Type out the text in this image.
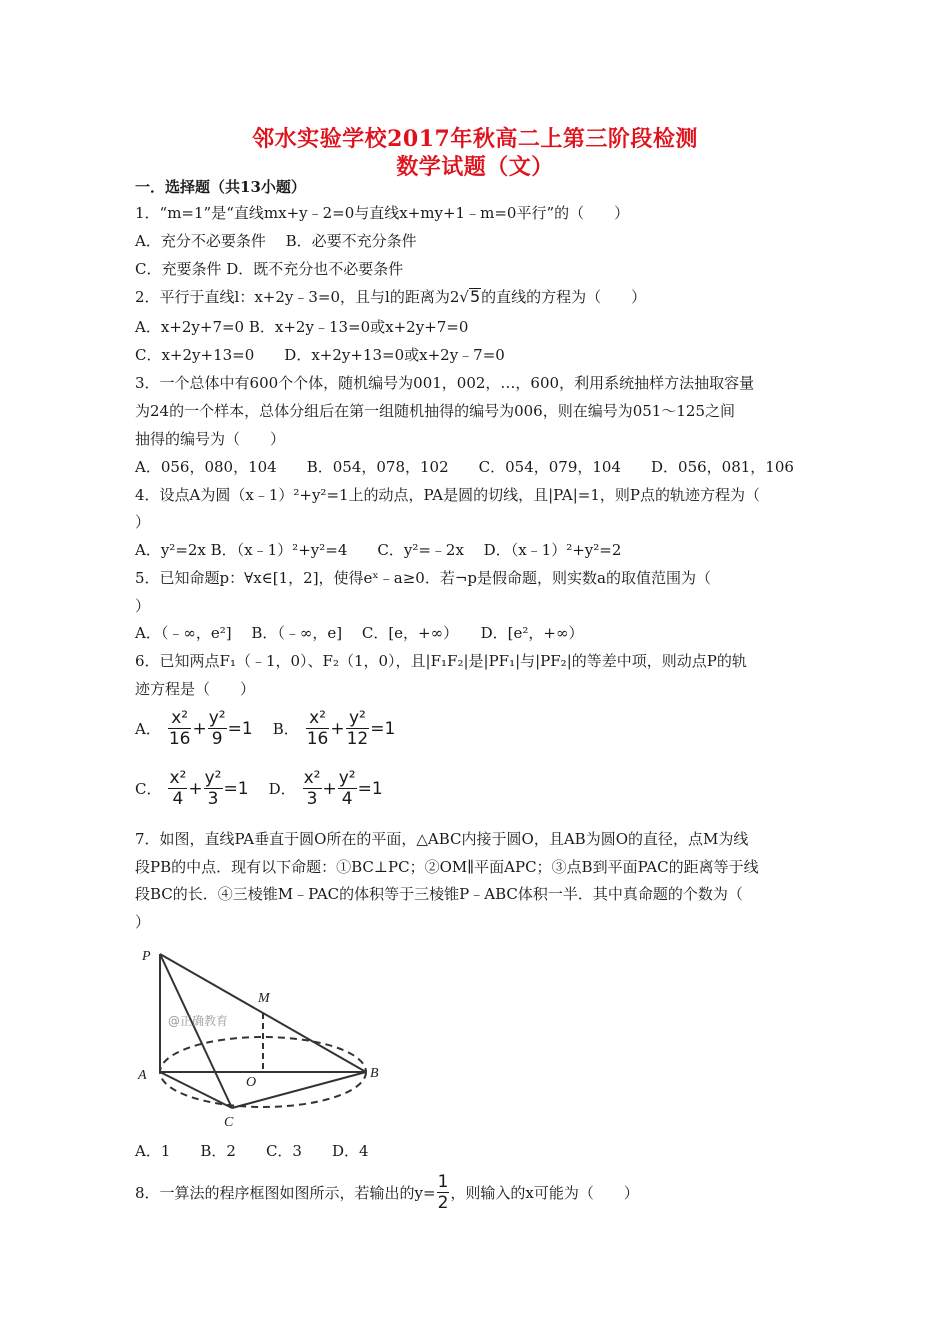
邻水实验学校2017年秋高二上第三阶段检测
数学试题（文）
一．选择题（共13小题）
1．“m=1”是“直线mx+y﹣2=0与直线x+my+1﹣m=0平行”的（　　）
A．充分不必要条件　 B．必要不充分条件
C．充要条件 D．既不充分也不必要条件
2．平行于直线l：x+2y﹣3=0，且与l的距离为2√5的直线的方程为（　　）
A．x+2y+7=0 B．x+2y﹣13=0或x+2y+7=0
C．x+2y+13=0　　D．x+2y+13=0或x+2y﹣7=0
3．一个总体中有600个个体，随机编号为001，002，…，600，利用系统抽样方法抽取容量
为24的一个样本，总体分组后在第一组随机抽得的编号为006，则在编号为051～125之间
抽得的编号为（　　）
A．056，080，104　　B．054，078，102　　C．054，079，104　　D．056，081，106
4．设点A为圆（x﹣1）²+y²=1上的动点，PA是圆的切线，且|PA|=1，则P点的轨迹方程为（
）
A．y²=2x B．（x﹣1）²+y²=4　　C．y²=﹣2x　 D．（x﹣1）²+y²=2
5．已知命题p：∀x∈[1，2]，使得eˣ﹣a≥0．若¬p是假命题，则实数a的取值范围为（
）
A．（﹣∞，e²]　 B．（﹣∞，e]　 C．[e，+∞）　　D．[e²，+∞）
6．已知两点F₁（﹣1，0）、F₂（1，0），且|F₁F₂|是|PF₁|与|PF₂|的等差中项，则动点P的轨
迹方程是（　　）
A． $\frac{\text{x²}}{16} + \frac{\text{y²}}{9} =1$ B． $\frac{\text{x²}}{16} + \frac{\text{y²}}{12} =1$
C． $\frac{\text{x²}}{4} + \frac{\text{y²}}{3} =1$ D． $\frac{\text{x²}}{3} + \frac{\text{y²}}{4} =1$
7．如图，直线PA垂直于圆O所在的平面，△ABC内接于圆O，且AB为圆O的直径，点M为线
段PB的中点．现有以下命题：①BC⊥PC；②OM∥平面APC；③点B到平面PAC的距离等于线
段BC的长．④三棱锥M﹣PAC的体积等于三棱锥P﹣ABC体积一半．其中真命题的个数为（
）
P
M
A	O
B
C
@正确教育
A．1　　B．2　　C．3　　D．4
8．一算法的程序框图如图所示，若输出的$y= \frac{1}{2}$ ，则输入的x可能为（　　）
